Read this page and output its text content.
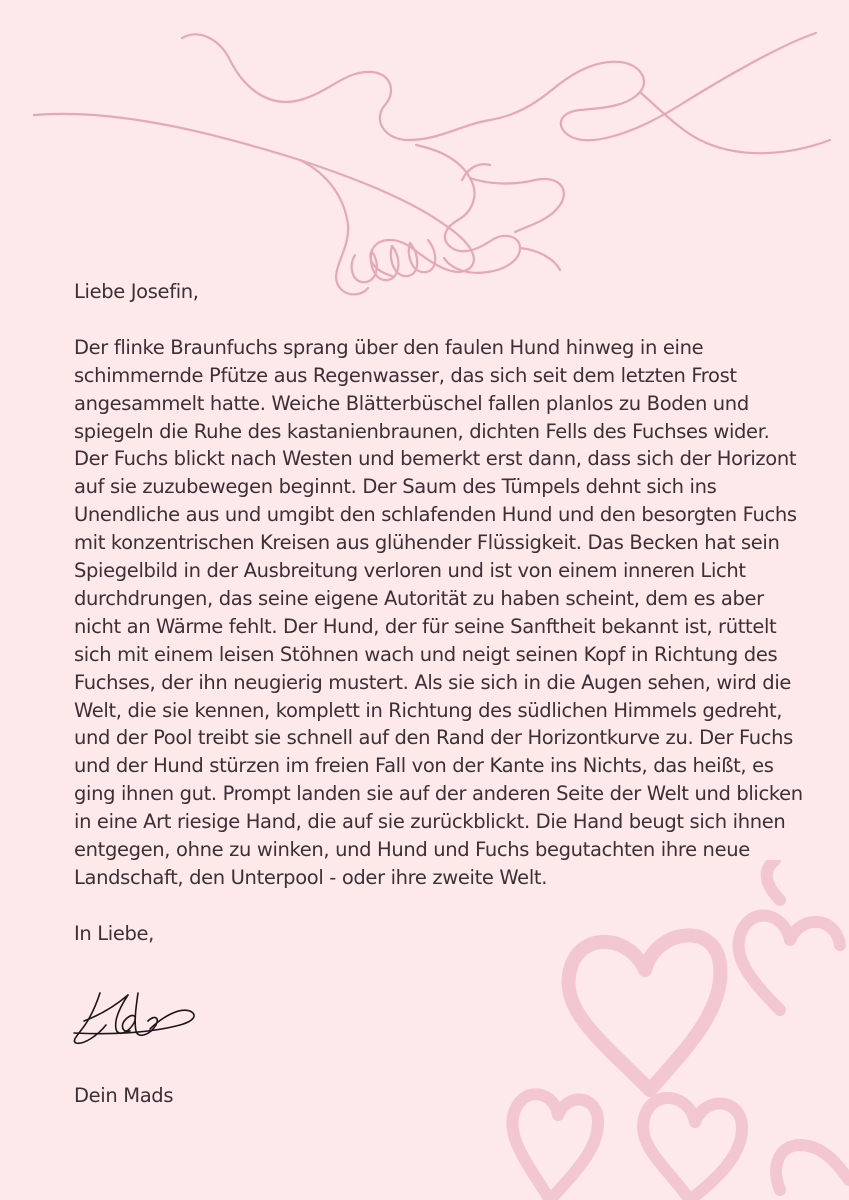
Liebe Josefin,

Der flinke Braunfuchs sprang über den faulen Hund hinweg in eine schimmernde Pfütze aus Regenwasser, das sich seit dem letzten Frost angesammelt hatte. Weiche Blätterbüschel fallen planlos zu Boden und spiegeln die Ruhe des kastanienbraunen, dichten Fells des Fuchses wider. Der Fuchs blickt nach Westen und bemerkt erst dann, dass sich der Horizont auf sie zuzubewegen beginnt. Der Saum des Tümpels dehnt sich ins Unendliche aus und umgibt den schlafenden Hund und den besorgten Fuchs mit konzentrischen Kreisen aus glühender Flüssigkeit. Das Becken hat sein Spiegelbild in der Ausbreitung verloren und ist von einem inneren Licht durchdrungen, das seine eigene Autorität zu haben scheint, dem es aber nicht an Wärme fehlt. Der Hund, der für seine Sanftheit bekannt ist, rüttelt sich mit einem leisen Stöhnen wach und neigt seinen Kopf in Richtung des Fuchses, der ihn neugierig mustert. Als sie sich in die Augen sehen, wird die Welt, die sie kennen, komplett in Richtung des südlichen Himmels gedreht, und der Pool treibt sie schnell auf den Rand der Horizontkurve zu. Der Fuchs und der Hund stürzen im freien Fall von der Kante ins Nichts, das heißt, es ging ihnen gut. Prompt landen sie auf der anderen Seite der Welt und blicken in eine Art riesige Hand, die auf sie zurückblickt. Die Hand beugt sich ihnen entgegen, ohne zu winken, und Hund und Fuchs begutachten ihre neue Landschaft, den Unterpool - oder ihre zweite Welt.

In Liebe,

Dein Mads
